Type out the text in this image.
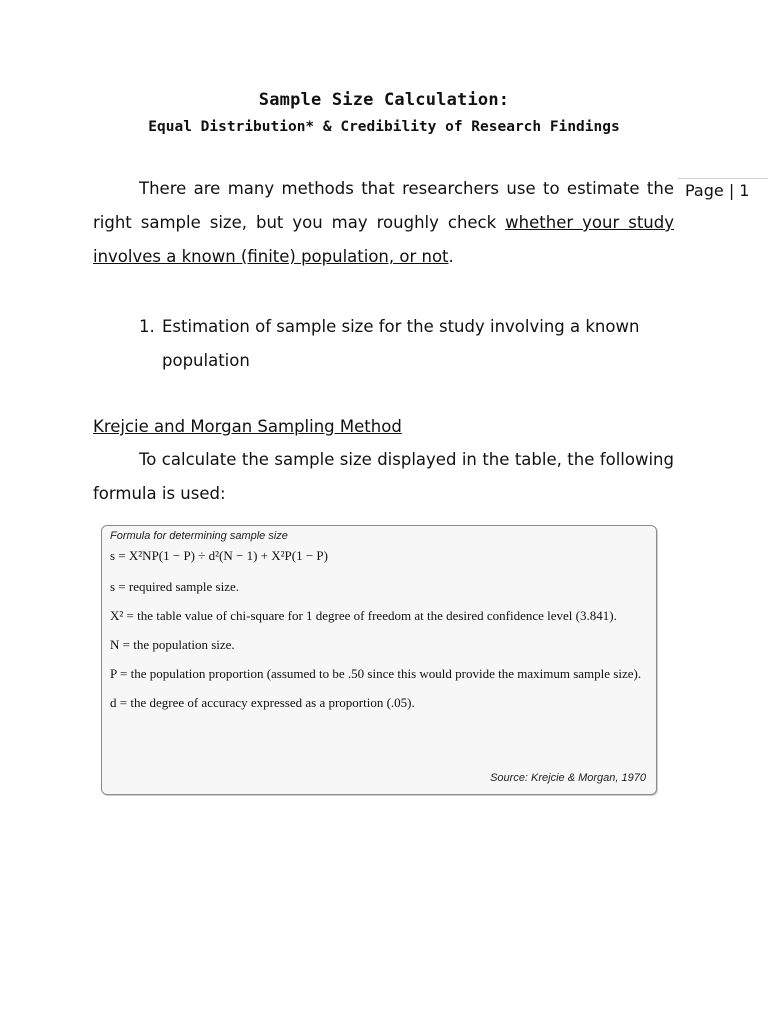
Sample Size Calculation:
Equal Distribution* & Credibility of Research Findings
Page | 1
There are many methods that researchers use to estimate the right sample size, but you may roughly check whether your study involves a known (finite) population, or not.
1. Estimation of sample size for the study involving a known population
Krejcie and Morgan Sampling Method
To calculate the sample size displayed in the table, the following formula is used:
Formula for determining sample size
s = X²NP(1 − P) ÷ d²(N − 1) + X²P(1 − P)
s = required sample size.
X² = the table value of chi-square for 1 degree of freedom at the desired confidence level (3.841).
N = the population size.
P = the population proportion (assumed to be .50 since this would provide the maximum sample size).
d = the degree of accuracy expressed as a proportion (.05).
Source: Krejcie & Morgan, 1970
